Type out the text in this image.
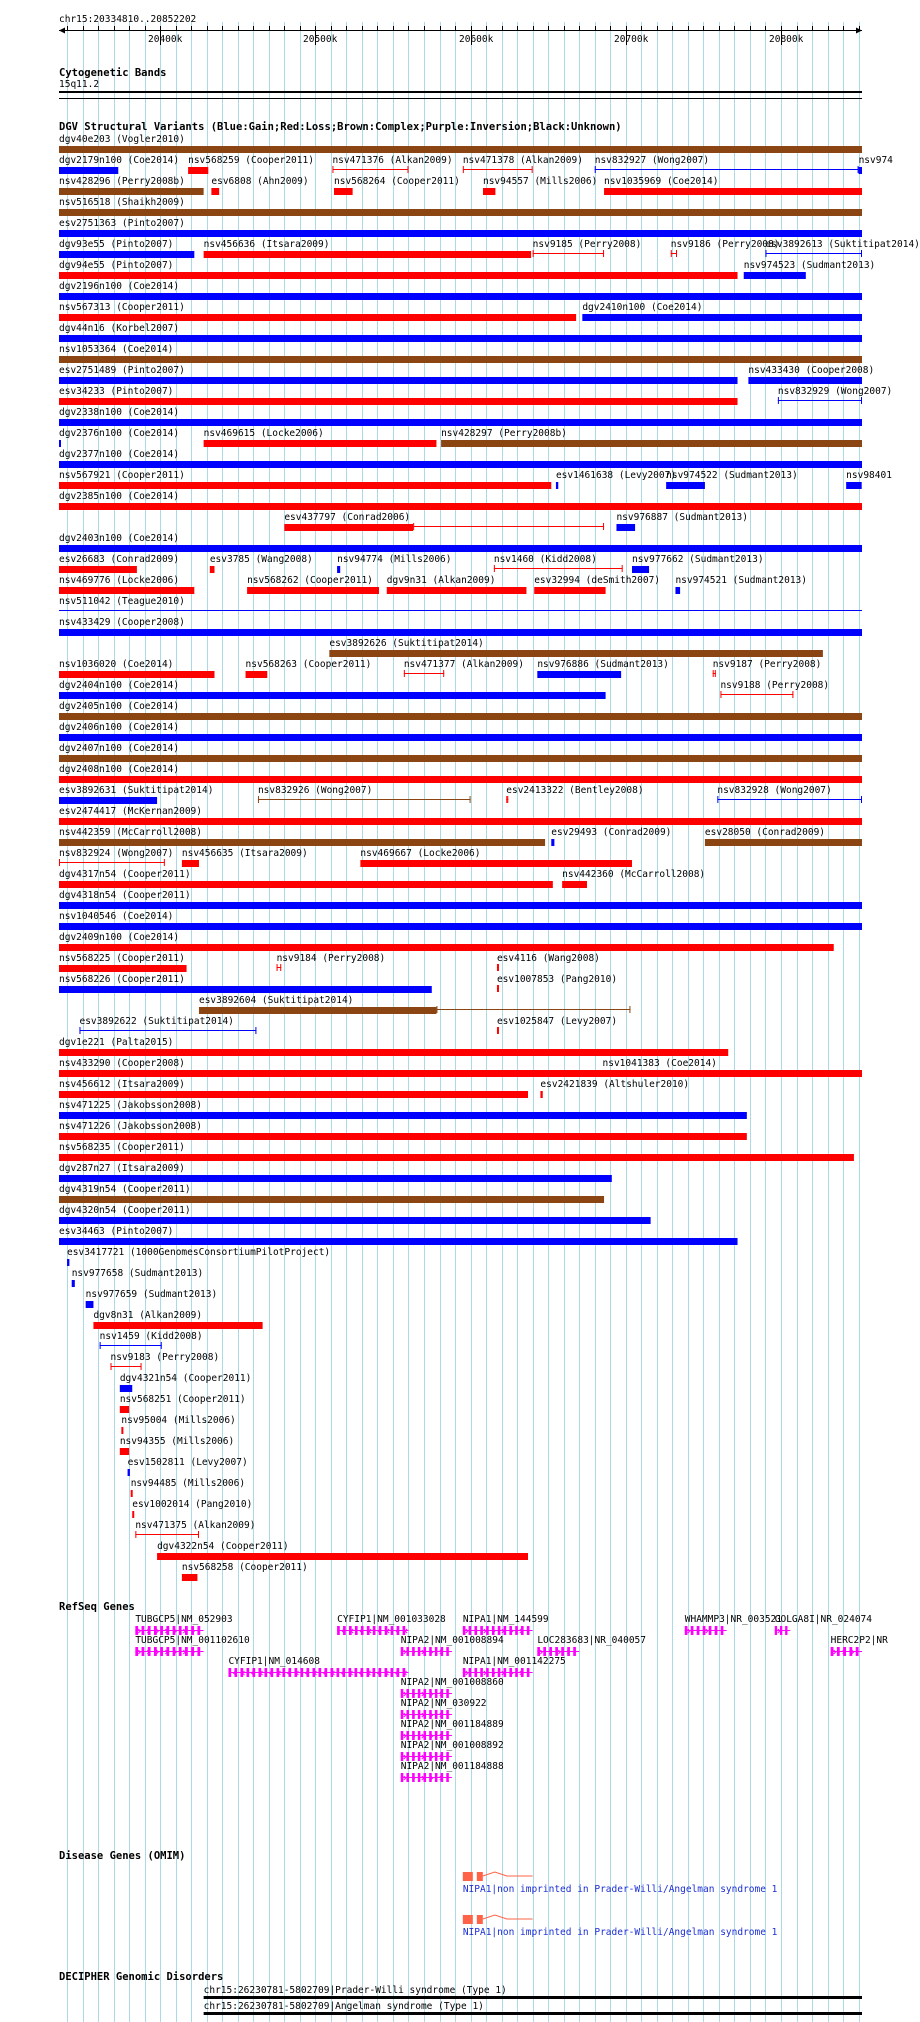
dgv40e203 (Vogler2010)
dgv2179n100 (Coe2014) nsv568259 (Cooper2011) nsv471376 (Alkan2009) nsv471378 (Alkan2009) nsv832927 (Wong2007)	nsv974
nsv428296 (Perry2008b)	esv6808 (Ahn2009)	nsv568264 (Cooper2011) nsv94557 (Mills2006) nsv1035969 (Coe2014)
nsv516518 (Shaikh2009)
esv2751363 (Pinto2007)
dgv93e55 (Pinto2007)	nsv456636 (Itsara2009)	nsv9185 (Perry2008)	nsv9186 (Perry2008)
esv3892613 (Suktitipat2014)
dgv94e55 (Pinto2007)	nsv974523 (Sudmant2013)
dgv2196n100 (Coe2014)
nsv567313 (Cooper2011)	dgv2410n100 (Coe2014)
dgv44n16 (Korbel2007)
nsv1053364 (Coe2014)
esv2751489 (Pinto2007)	nsv433430 (Cooper2008)
esv34233 (Pinto2007)	nsv832929 (Wong2007)
dgv2338n100 (Coe2014)
dgv2376n100 (Coe2014)	nsv469615 (Locke2006)	nsv428297 (Perry2008b)
dgv2377n100 (Coe2014)
nsv567921 (Cooper2011)	esv1461638 (Levy2007)
nsv974522 (Sudmant2013)	nsv98401
dgv2385n100 (Coe2014)
esv437797 (Conrad2006)	nsv976887 (Sudmant2013)
dgv2403n100 (Coe2014)
esv26683 (Conrad2009)	esv3785 (Wang2008)	nsv94774 (Mills2006)	nsv1460 (Kidd2008)	nsv977662 (Sudmant2013)
nsv469776 (Locke2006)	nsv568262 (Cooper2011) dgv9n31 (Alkan2009)	esv32994 (deSmith2007) nsv974521 (Sudmant2013)
nsv511042 (Teague2010)
nsv433429 (Cooper2008)
esv3892626 (Suktitipat2014)
nsv1036020 (Coe2014)	nsv568263 (Cooper2011)	nsv471377 (Alkan2009) nsv976886 (Sudmant2013)	nsv9187 (Perry2008)
dgv2404n100 (Coe2014)	nsv9188 (Perry2008)
dgv2405n100 (Coe2014)
dgv2406n100 (Coe2014)
dgv2407n100 (Coe2014)
dgv2408n100 (Coe2014)
esv3892631 (Suktitipat2014)	nsv832926 (Wong2007)	esv2413322 (Bentley2008)	nsv832928 (Wong2007)
esv2474417 (McKernan2009)
nsv442359 (McCarroll2008)	esv29493 (Conrad2009)	esv28050 (Conrad2009)
nsv832924 (Wong2007) nsv456635 (Itsara2009)	nsv469667 (Locke2006)
dgv4317n54 (Cooper2011)	nsv442360 (McCarroll2008)
dgv4318n54 (Cooper2011)
nsv1040546 (Coe2014)
dgv2409n100 (Coe2014)
nsv568225 (Cooper2011)	nsv9184 (Perry2008)	esv4116 (Wang2008)
nsv568226 (Cooper2011)	esv1007853 (Pang2010)
esv3892604 (Suktitipat2014)
esv3892622 (Suktitipat2014)	esv1025847 (Levy2007)
dgv1e221 (Palta2015)
nsv433290 (Cooper2008)	nsv1041383 (Coe2014)
nsv456612 (Itsara2009)	esv2421839 (Altshuler2010)
nsv471225 (Jakobsson2008)
nsv471226 (Jakobsson2008)
nsv568235 (Cooper2011)
dgv287n27 (Itsara2009)
dgv4319n54 (Cooper2011)
dgv4320n54 (Cooper2011)
esv34463 (Pinto2007)
esv3417721 (1000GenomesConsortiumPilotProject)
nsv977658 (Sudmant2013)
nsv977659 (Sudmant2013)
dgv8n31 (Alkan2009)
nsv1459 (Kidd2008)
nsv9183 (Perry2008)
dgv4321n54 (Cooper2011)
nsv568251 (Cooper2011)
nsv95004 (Mills2006)
nsv94355 (Mills2006)
esv1502811 (Levy2007)
nsv94485 (Mills2006)
esv1002014 (Pang2010)
nsv471375 (Alkan2009)
dgv4322n54 (Cooper2011)
nsv568258 (Cooper2011)
TUBGCP5|NM_052903	CYFIP1|NM_001033028 NIPA1|NM_144599	WHAMMP3|NR_003521
GOLGA8I|NR_024074
TUBGCP5|NM_001102610	NIPA2|NM_001008894	LOC283683|NR_040057	HERC2P2|NR
CYFIP1|NM_014608	NIPA1|NM_001142275
NIPA2|NM_001008860
NIPA2|NM_030922
NIPA2|NM_001184889
NIPA2|NM_001008892
NIPA2|NM_001184888
NIPA1|non imprinted in Prader-Willi/Angelman syndrome 1
NIPA1|non imprinted in Prader-Willi/Angelman syndrome 1
chr15:26230781-5802709|Prader-Willi syndrome (Type 1)
chr15:26230781-5802709|Angelman syndrome (Type 1)
chr15:20334810..20852202
20400k	20500k	20600k	20700k	20800k
Cytogenetic Bands
15q11.2
DGV Structural Variants (Blue:Gain;Red:Loss;Brown:Complex;Purple:Inversion;Black:Unknown)
RefSeq Genes
Disease Genes (OMIM)
DECIPHER Genomic Disorders
